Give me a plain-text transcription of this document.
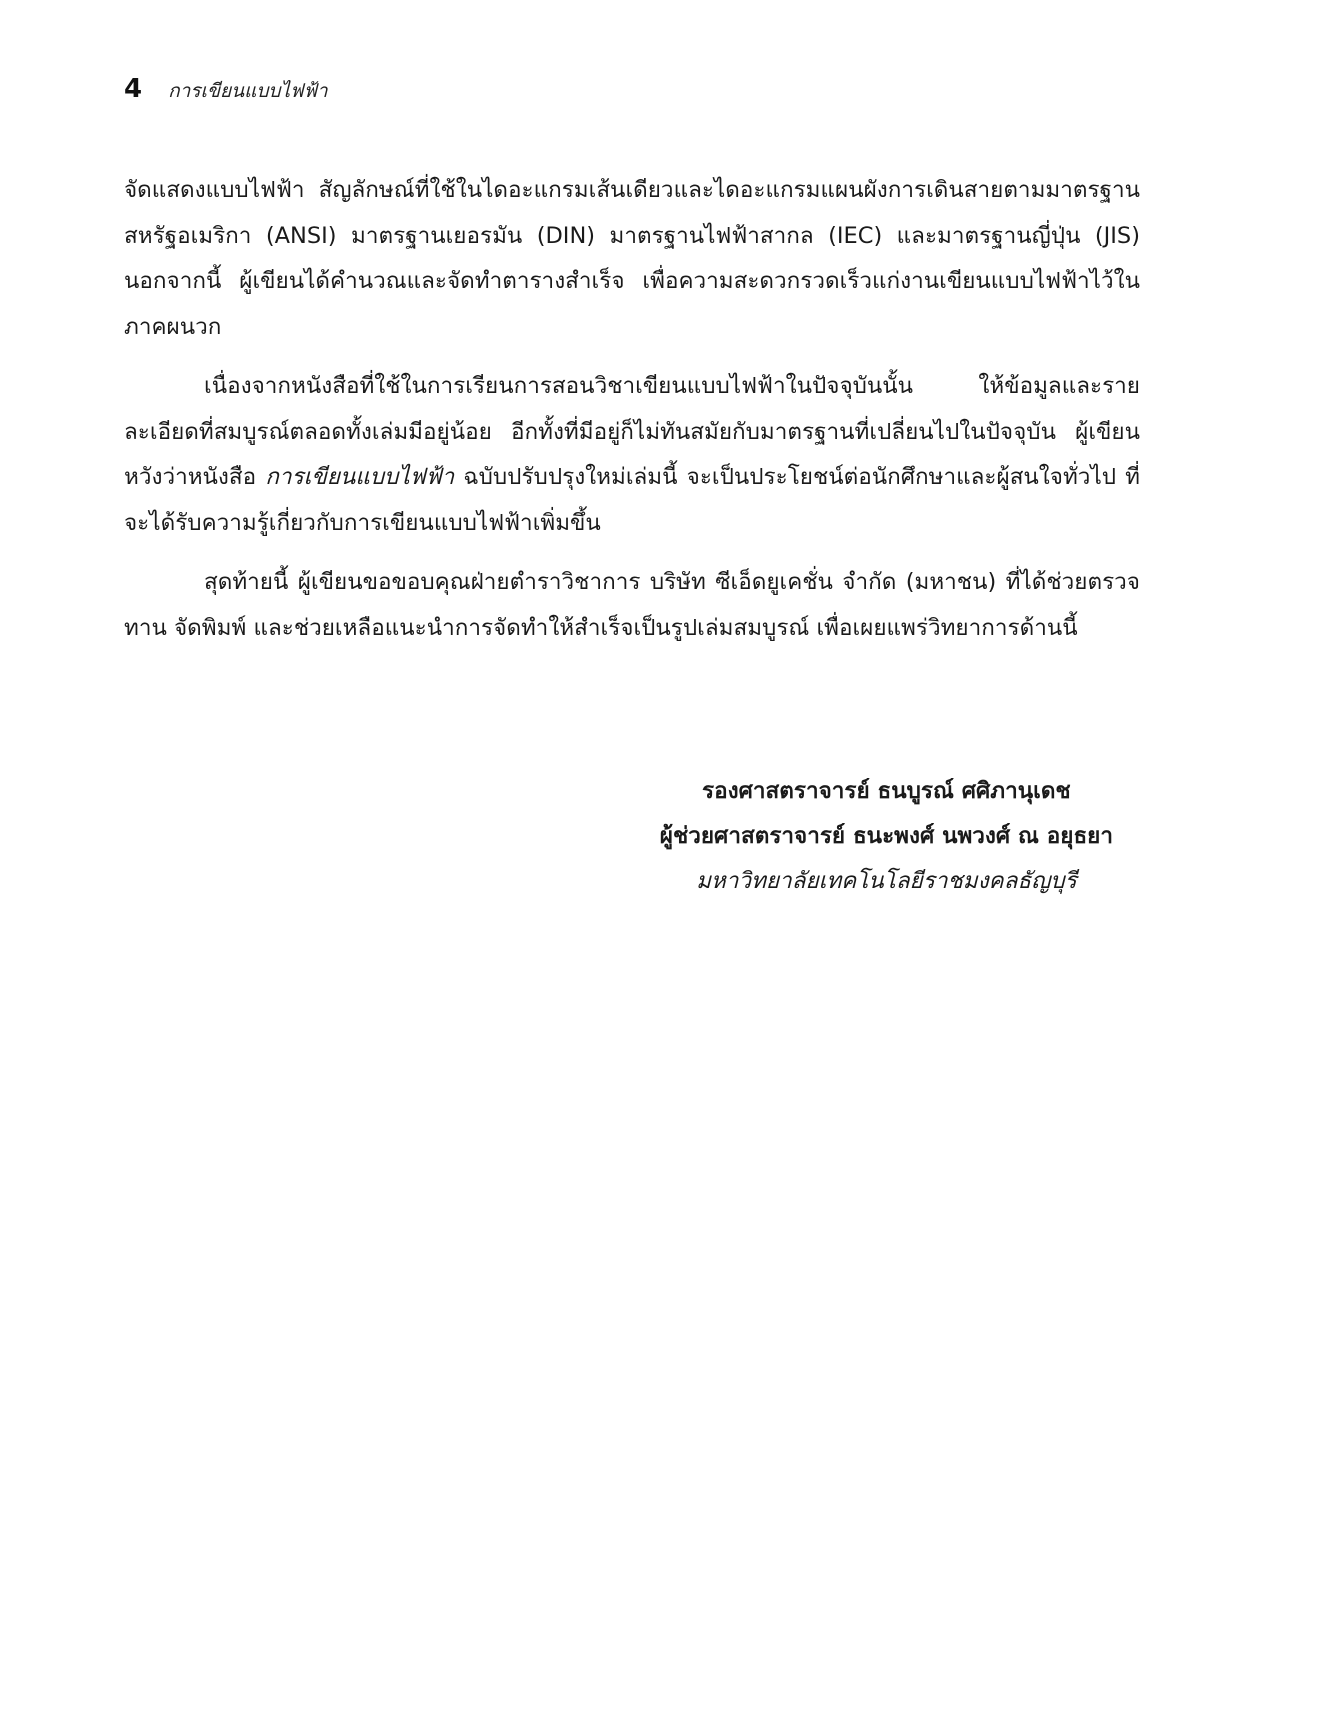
4 การเขียนแบบไฟฟ้า

จัดแสดงแบบไฟฟ้า สัญลักษณ์ที่ใช้ในไดอะแกรมเส้นเดียวและไดอะแกรมแผนผังการเดินสายตามมาตรฐานสหรัฐอเมริกา (ANSI) มาตรฐานเยอรมัน (DIN) มาตรฐานไฟฟ้าสากล (IEC) และมาตรฐานญี่ปุ่น (JIS) นอกจากนี้ ผู้เขียนได้คำนวณและจัดทำตารางสำเร็จ เพื่อความสะดวกรวดเร็วแก่งานเขียนแบบไฟฟ้าไว้ในภาคผนวก

เนื่องจากหนังสือที่ใช้ในการเรียนการสอนวิชาเขียนแบบไฟฟ้าในปัจจุบันนั้น ให้ข้อมูลและรายละเอียดที่สมบูรณ์ตลอดทั้งเล่มมีอยู่น้อย อีกทั้งที่มีอยู่ก็ไม่ทันสมัยกับมาตรฐานที่เปลี่ยนไปในปัจจุบัน ผู้เขียนหวังว่าหนังสือ การเขียนแบบไฟฟ้า ฉบับปรับปรุงใหม่เล่มนี้ จะเป็นประโยชน์ต่อนักศึกษาและผู้สนใจทั่วไป ที่จะได้รับความรู้เกี่ยวกับการเขียนแบบไฟฟ้าเพิ่มขึ้น

สุดท้ายนี้ ผู้เขียนขอขอบคุณฝ่ายตำราวิชาการ บริษัท ซีเอ็ดยูเคชั่น จำกัด (มหาชน) ที่ได้ช่วยตรวจทาน จัดพิมพ์ และช่วยเหลือแนะนำการจัดทำให้สำเร็จเป็นรูปเล่มสมบูรณ์ เพื่อเผยแพร่วิทยาการด้านนี้

รองศาสตราจารย์ ธนบูรณ์ ศศิภานุเดช
ผู้ช่วยศาสตราจารย์ ธนะพงศ์ นพวงศ์ ณ อยุธยา
มหาวิทยาลัยเทคโนโลยีราชมงคลธัญบุรี
